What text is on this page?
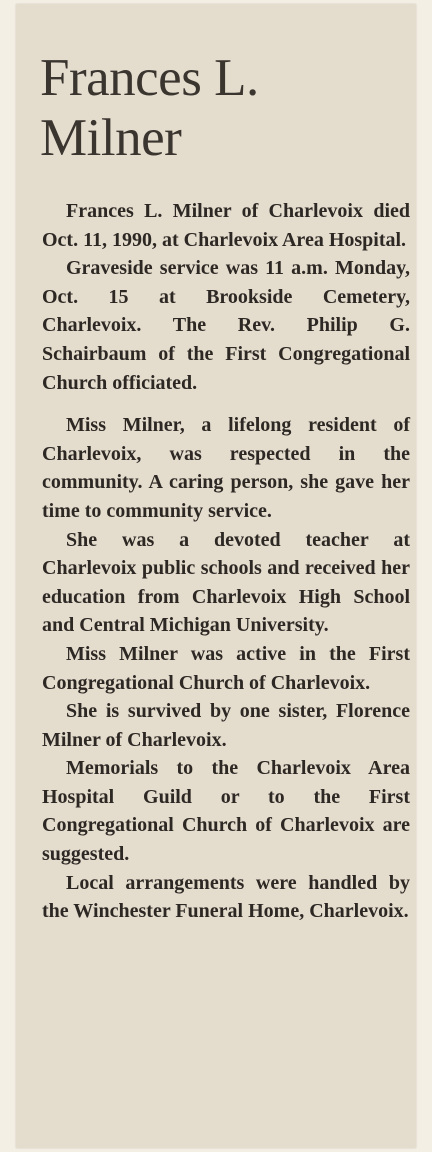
Frances L. Milner

Frances L. Milner of Charlevoix died Oct. 11, 1990, at Charlevoix Area Hospital.

Graveside service was 11 a.m. Monday, Oct. 15 at Brookside Cemetery, Charlevoix. The Rev. Philip G. Schairbaum of the First Congregational Church officiated.

Miss Milner, a lifelong resident of Charlevoix, was respected in the community. A caring person, she gave her time to community service.

She was a devoted teacher at Charlevoix public schools and received her education from Charlevoix High School and Central Michigan University.

Miss Milner was active in the First Congregational Church of Charlevoix.

She is survived by one sister, Florence Milner of Charlevoix.

Memorials to the Charlevoix Area Hospital Guild or to the First Congregational Church of Charlevoix are suggested.

Local arrangements were handled by the Winchester Funeral Home, Charlevoix.
